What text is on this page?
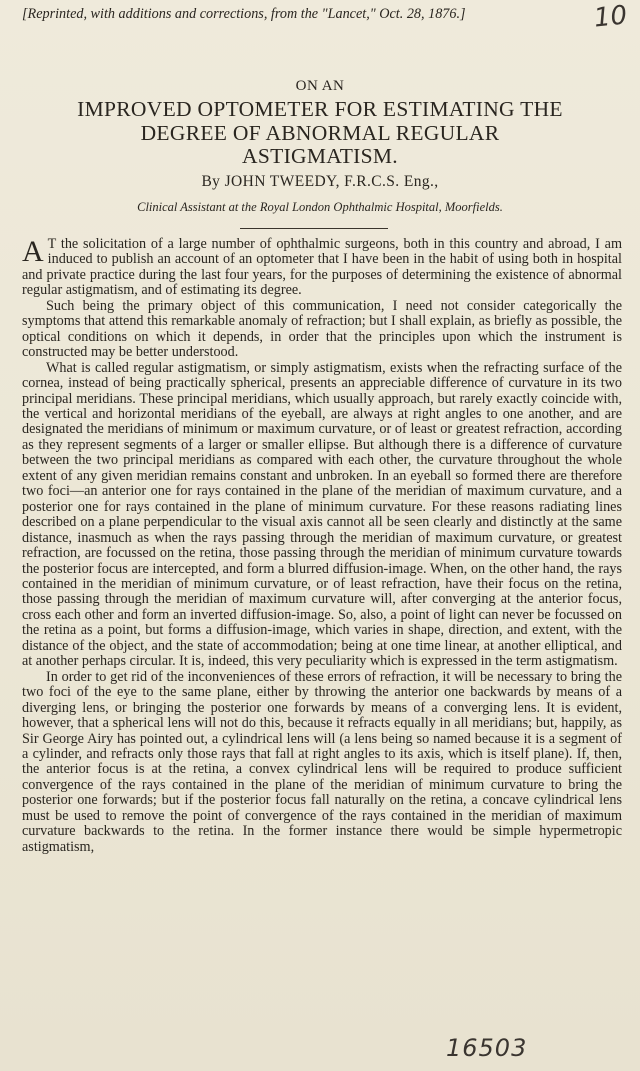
[Reprinted, with additions and corrections, from the "Lancet," Oct. 28, 1876.]	10
ON AN
IMPROVED OPTOMETER FOR ESTIMATING THE
DEGREE OF ABNORMAL REGULAR
ASTIGMATISM.
By JOHN TWEEDY, F.R.C.S. Eng.,
Clinical Assistant at the Royal London Ophthalmic Hospital, Moorfields.

A T the solicitation of a large number of ophthalmic surgeons, both in this country and abroad, I am induced to publish an account of an optometer that I have been in the habit of using both in hospital and private practice during the last four years, for the purposes of determining the existence of abnormal regular astigmatism, and of estimating its degree.

Such being the primary object of this communication, I need not consider categorically the symptoms that attend this remarkable anomaly of refraction; but I shall explain, as briefly as possible, the optical conditions on which it depends, in order that the principles upon which the instrument is constructed may be better understood.

What is called regular astigmatism, or simply astigmatism, exists when the refracting surface of the cornea, instead of being practically spherical, presents an appreciable difference of curvature in its two principal meridians. These principal meridians, which usually approach, but rarely exactly coincide with, the vertical and horizontal meridians of the eyeball, are always at right angles to one another, and are designated the meridians of minimum or maximum curvature, or of least or greatest refraction, according as they represent segments of a larger or smaller ellipse. But although there is a difference of curvature between the two principal meridians as compared with each other, the curvature throughout the whole extent of any given meridian remains constant and unbroken. In an eyeball so formed there are therefore two foci—an anterior one for rays contained in the plane of the meridian of maximum curvature, and a posterior one for rays contained in the plane of minimum curvature. For these reasons radiating lines described on a plane perpendicular to the visual axis cannot all be seen clearly and distinctly at the same distance, inasmuch as when the rays passing through the meridian of maximum curvature, or greatest refraction, are focussed on the retina, those passing through the meridian of minimum curvature towards the posterior focus are intercepted, and form a blurred diffusion-image. When, on the other hand, the rays contained in the meridian of minimum curvature, or of least refraction, have their focus on the retina, those passing through the meridian of maximum curvature will, after converging at the anterior focus, cross each other and form an inverted diffusion-image. So, also, a point of light can never be focussed on the retina as a point, but forms a diffusion-image, which varies in shape, direction, and extent, with the distance of the object, and the state of accommodation; being at one time linear, at another elliptical, and at another perhaps circular. It is, indeed, this very peculiarity which is expressed in the term astigmatism.

In order to get rid of the inconveniences of these errors of refraction, it will be necessary to bring the two foci of the eye to the same plane, either by throwing the anterior one backwards by means of a diverging lens, or bringing the posterior one forwards by means of a converging lens. It is evident, however, that a spherical lens will not do this, because it refracts equally in all meridians; but, happily, as Sir George Airy has pointed out, a cylindrical lens will (a lens being so named because it is a segment of a cylinder, and refracts only those rays that fall at right angles to its axis, which is itself plane). If, then, the anterior focus is at the retina, a convex cylindrical lens will be required to produce sufficient convergence of the rays contained in the plane of the meridian of minimum curvature to bring the posterior one forwards; but if the posterior focus fall naturally on the retina, a concave cylindrical lens must be used to remove the point of convergence of the rays contained in the meridian of maximum curvature backwards to the retina. In the former instance there would be simple hypermetropic astigmatism,

16503
